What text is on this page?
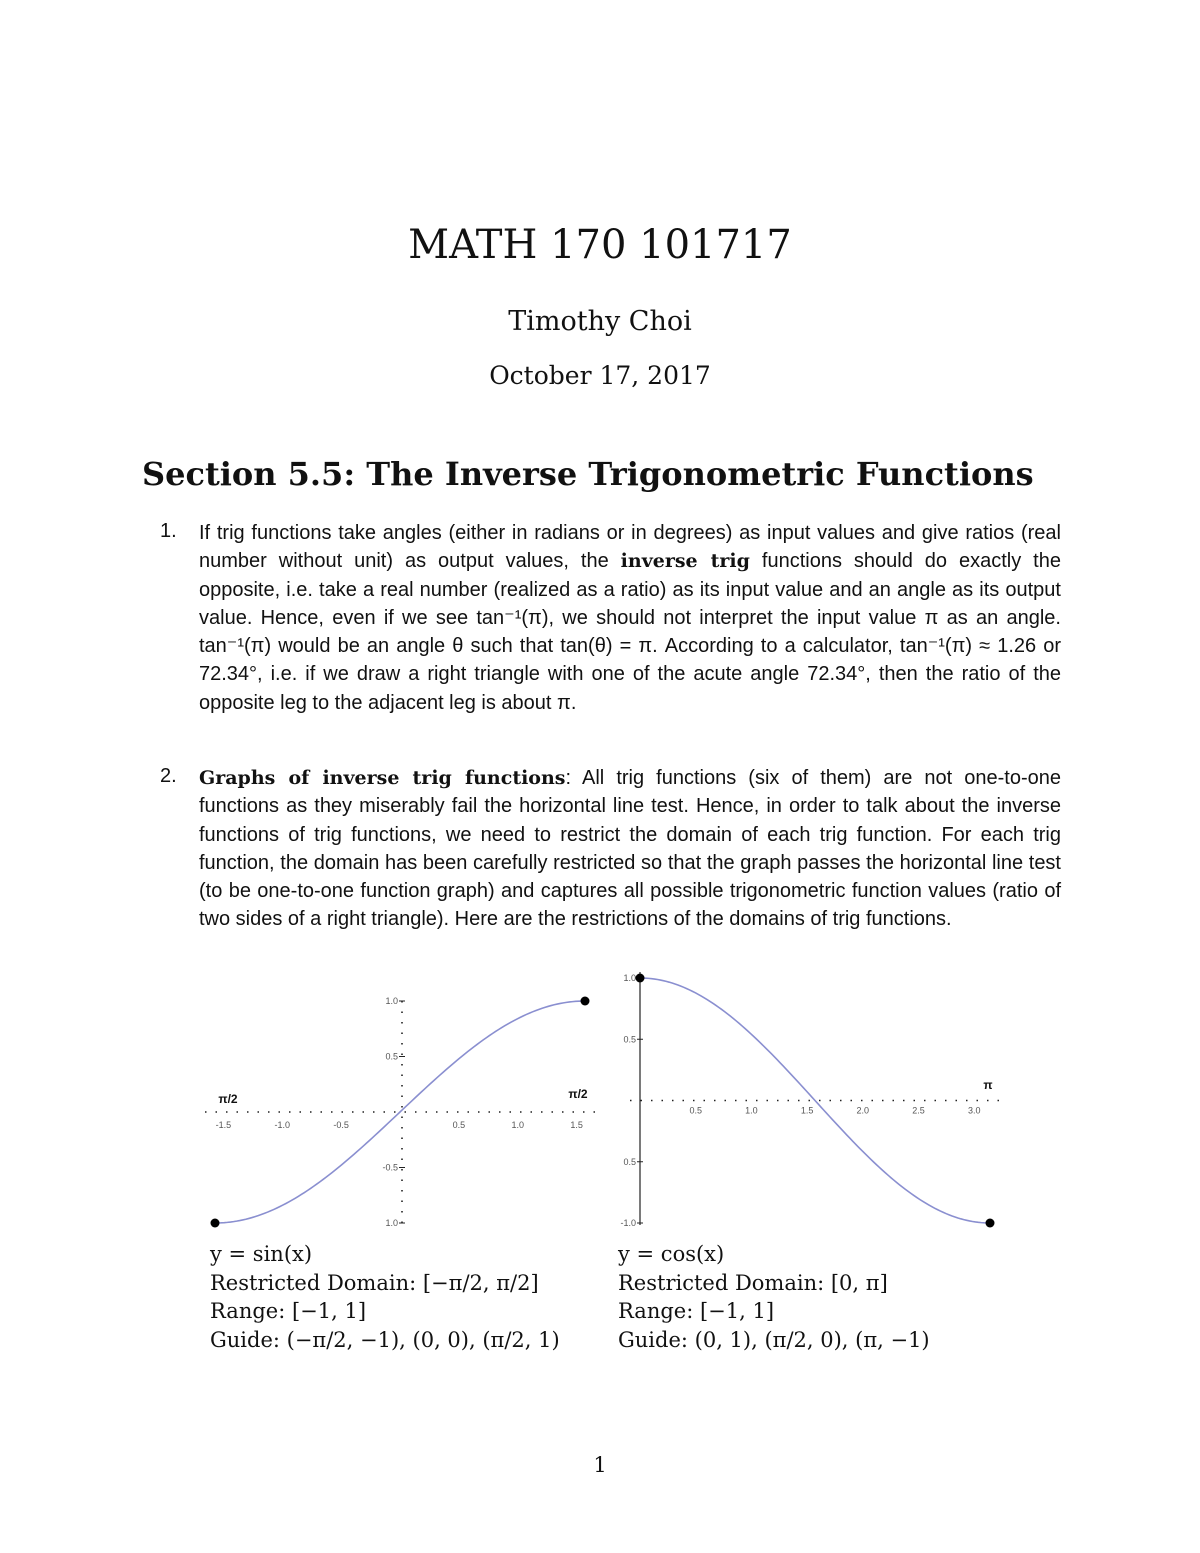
MATH 170 101717
Timothy Choi
October 17, 2017
Section 5.5: The Inverse Trigonometric Functions
1. If trig functions take angles (either in radians or in degrees) as input values and give ratios (real number without unit) as output values, the inverse trig functions should do exactly the opposite, i.e. take a real number (realized as a ratio) as its input value and an angle as its output value. Hence, even if we see tan⁻¹(π), we should not interpret the input value π as an angle. tan⁻¹(π) would be an angle θ such that tan(θ) = π. According to a calculator, tan⁻¹(π) ≈ 1.26 or 72.34°, i.e. if we draw a right triangle with one of the acute angle 72.34°, then the ratio of the opposite leg to the adjacent leg is about π.
2. Graphs of inverse trig functions: All trig functions (six of them) are not one-to-one functions as they miserably fail the horizontal line test. Hence, in order to talk about the inverse functions of trig functions, we need to restrict the domain of each trig function. For each trig function, the domain has been carefully restricted so that the graph passes the horizontal line test (to be one-to-one function graph) and captures all possible trigonometric function values (ratio of two sides of a right triangle). Here are the restrictions of the domains of trig functions.
-1.5	-1.0	-0.5	0.5	1.0	1.5
1.0
0.5
-0.5
1.0
π/2	π/2
0.5	1.0	1.5	2.0	2.5	3.0
1.0
0.5
0.5
-1.0
π
y = sin(x)
Restricted Domain: [−π/2, π/2]
Range: [−1, 1]
Guide: (−π/2, −1), (0, 0), (π/2, 1)
y = cos(x)
Restricted Domain: [0, π]
Range: [−1, 1]
Guide: (0, 1), (π/2, 0), (π, −1)
1
